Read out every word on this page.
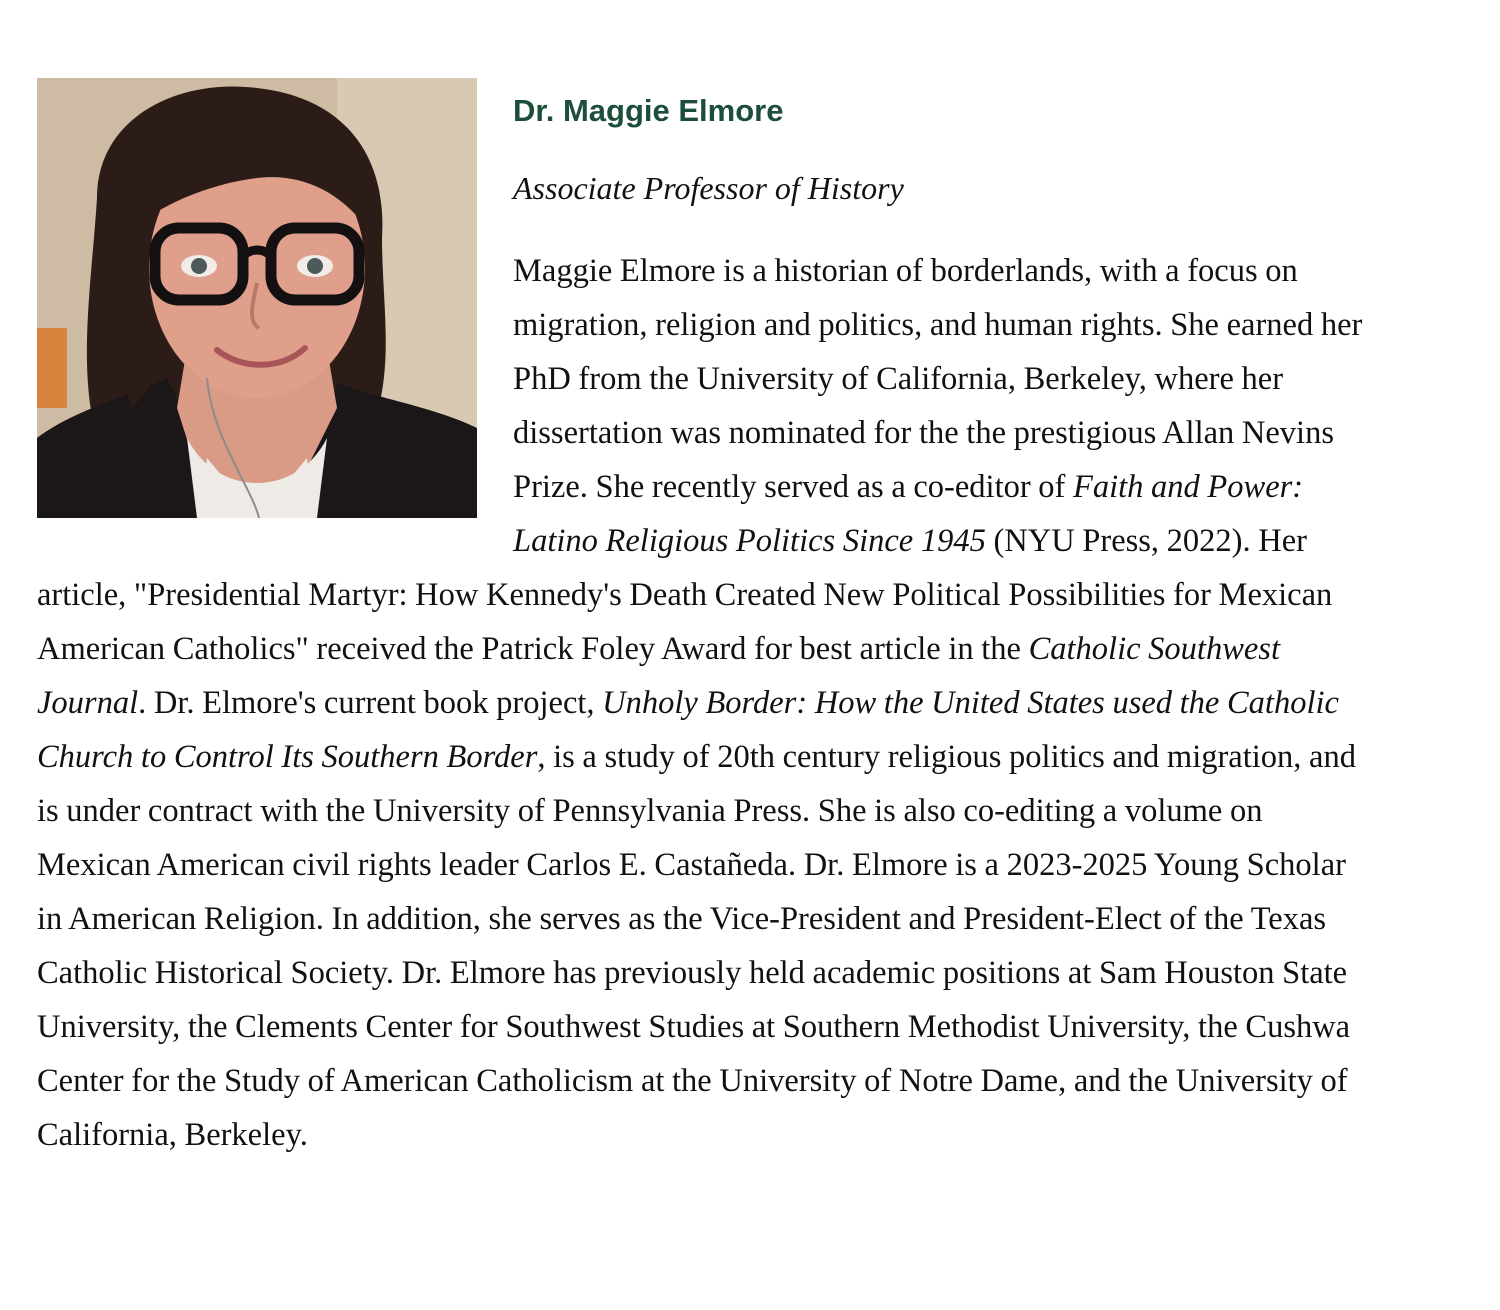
Dr. Maggie Elmore

Associate Professor of History

Maggie Elmore is a historian of borderlands, with a focus on migration, religion and politics, and human rights. She earned her PhD from the University of California, Berkeley, where her dissertation was nominated for the the prestigious Allan Nevins Prize. She recently served as a co-editor of Faith and Power: Latino Religious Politics Since 1945 (NYU Press, 2022). Her article, "Presidential Martyr: How Kennedy's Death Created New Political Possibilities for Mexican American Catholics" received the Patrick Foley Award for best article in the Catholic Southwest Journal. Dr. Elmore's current book project, Unholy Border: How the United States used the Catholic Church to Control Its Southern Border, is a study of 20th century religious politics and migration, and is under contract with the University of Pennsylvania Press. She is also co-editing a volume on Mexican American civil rights leader Carlos E. Castañeda. Dr. Elmore is a 2023-2025 Young Scholar in American Religion. In addition, she serves as the Vice-President and President-Elect of the Texas Catholic Historical Society. Dr. Elmore has previously held academic positions at Sam Houston State University, the Clements Center for Southwest Studies at Southern Methodist University, the Cushwa Center for the Study of American Catholicism at the University of Notre Dame, and the University of California, Berkeley.
